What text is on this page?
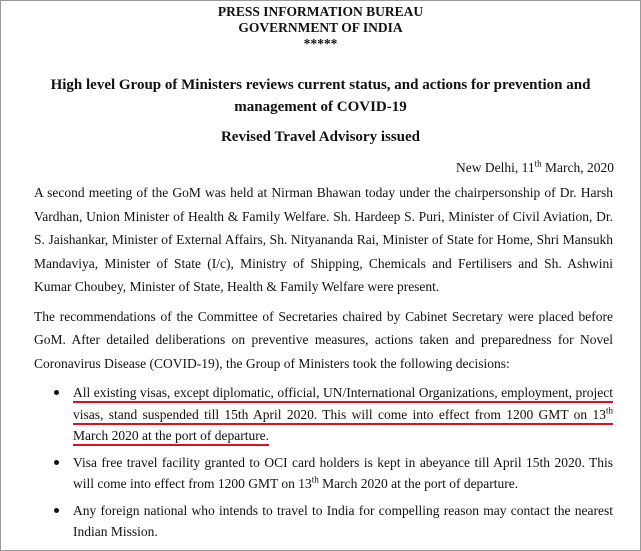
PRESS INFORMATION BUREAU
GOVERNMENT OF INDIA
*****
High level Group of Ministers reviews current status, and actions for prevention and management of COVID-19
Revised Travel Advisory issued
New Delhi, 11th March, 2020

A second meeting of the GoM was held at Nirman Bhawan today under the chairpersonship of Dr. Harsh Vardhan, Union Minister of Health & Family Welfare. Sh. Hardeep S. Puri, Minister of Civil Aviation, Dr. S. Jaishankar, Minister of External Affairs, Sh. Nityananda Rai, Minister of State for Home, Shri Mansukh Mandaviya, Minister of State (I/c), Ministry of Shipping, Chemicals and Fertilisers and Sh. Ashwini Kumar Choubey, Minister of State, Health & Family Welfare were present.

The recommendations of the Committee of Secretaries chaired by Cabinet Secretary were placed before GoM. After detailed deliberations on preventive measures, actions taken and preparedness for Novel Coronavirus Disease (COVID-19), the Group of Ministers took the following decisions:

All existing visas, except diplomatic, official, UN/International Organizations, employment, project visas, stand suspended till 15th April 2020. This will come into effect from 1200 GMT on 13th March 2020 at the port of departure.
Visa free travel facility granted to OCI card holders is kept in abeyance till April 15th 2020. This will come into effect from 1200 GMT on 13th March 2020 at the port of departure.
Any foreign national who intends to travel to India for compelling reason may contact the nearest Indian Mission.
